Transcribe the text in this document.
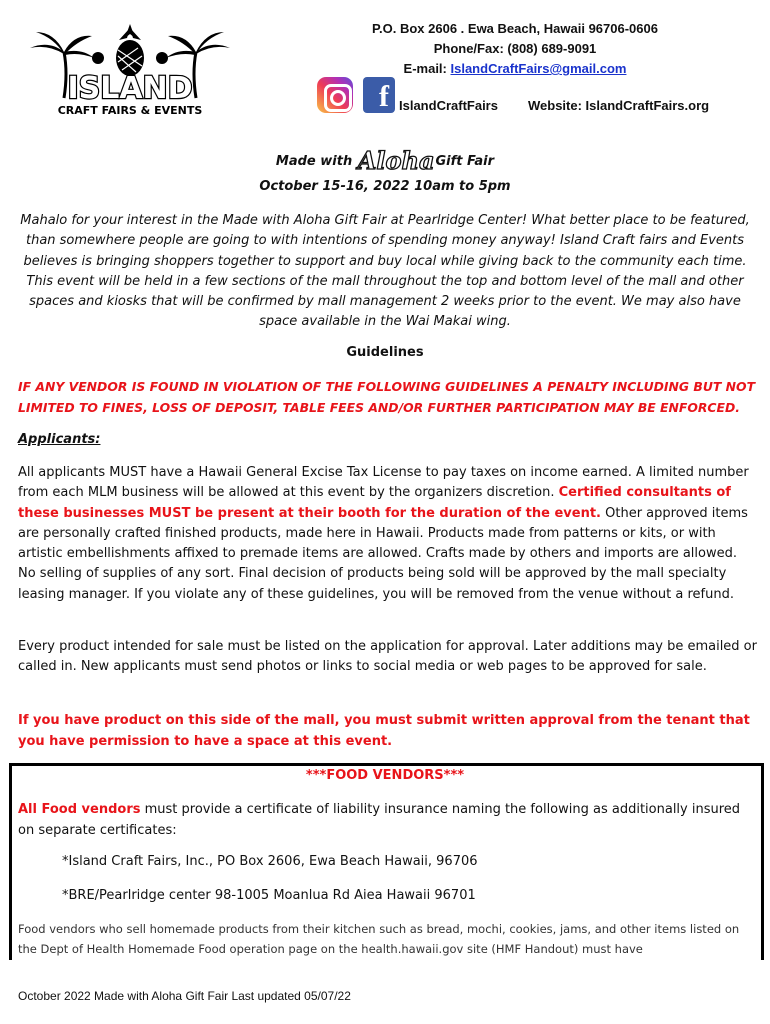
ISLAND
CRAFT FAIRS & EVENTS
P.O. Box 2606 . Ewa Beach, Hawaii 96706-0606
Phone/Fax: (808) 689-9091
E-mail: IslandCraftFairs@gmail.com
f IslandCraftFairs Website: IslandCraftFairs.org
Made with AlohaGift Fair
October 15-16, 2022 10am to 5pm
Mahalo for your interest in the Made with Aloha Gift Fair at Pearlridge Center! What better place to be featured, than somewhere people are going to with intentions of spending money anyway! Island Craft fairs and Events believes is bringing shoppers together to support and buy local while giving back to the community each time. This event will be held in a few sections of the mall throughout the top and bottom level of the mall and other spaces and kiosks that will be confirmed by mall management 2 weeks prior to the event. We may also have space available in the Wai Makai wing.
Guidelines
IF ANY VENDOR IS FOUND IN VIOLATION OF THE FOLLOWING GUIDELINES A PENALTY INCLUDING BUT NOT LIMITED TO FINES, LOSS OF DEPOSIT, TABLE FEES AND/OR FURTHER PARTICIPATION MAY BE ENFORCED.
Applicants:
All applicants MUST have a Hawaii General Excise Tax License to pay taxes on income earned. A limited number from each MLM business will be allowed at this event by the organizers discretion. Certified consultants of these businesses MUST be present at their booth for the duration of the event. Other approved items are personally crafted finished products, made here in Hawaii. Products made from patterns or kits, or with artistic embellishments affixed to premade items are allowed. Crafts made by others and imports are allowed. No selling of supplies of any sort. Final decision of products being sold will be approved by the mall specialty leasing manager. If you violate any of these guidelines, you will be removed from the venue without a refund.
Every product intended for sale must be listed on the application for approval. Later additions may be emailed or called in. New applicants must send photos or links to social media or web pages to be approved for sale.
If you have product on this side of the mall, you must submit written approval from the tenant that you have permission to have a space at this event.
***FOOD VENDORS***
All Food vendors must provide a certificate of liability insurance naming the following as additionally insured on separate certificates:
*Island Craft Fairs, Inc., PO Box 2606, Ewa Beach Hawaii, 96706
*BRE/Pearlridge center 98-1005 Moanlua Rd Aiea Hawaii 96701
Food vendors who sell homemade products from their kitchen such as bread, mochi, cookies, jams, and other items listed on the Dept of Health Homemade Food operation page on the health.hawaii.gov site (HMF Handout) must have
October 2022 Made with Aloha Gift Fair Last updated 05/07/22
